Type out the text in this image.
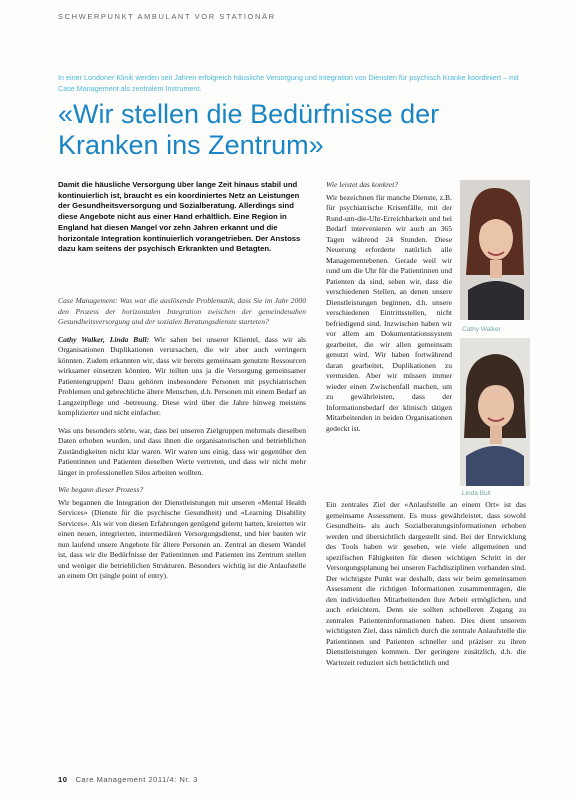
SCHWERPUNKT AMBULANT VOR STATIONÄR
In einer Londoner Klinik werden seit Jahren erfolgreich häusliche Versorgung und Integration von Diensten für psychisch Kranke koordiniert – mit Case Management als zentralem Instrument.
«Wir stellen die Bedürfnisse der Kranken ins Zentrum»
Damit die häusliche Versorgung über lange Zeit hinaus stabil und kontinuierlich ist, braucht es ein koordiniertes Netz an Leistungen der Gesundheitsversorgung und Sozialberatung. Allerdings sind diese Angebote nicht aus einer Hand erhältlich. Eine Region in England hat diesen Mangel vor zehn Jahren erkannt und die horizontale Integration kontinuierlich vorangetrieben. Der Anstoss dazu kam seitens der psychisch Erkrankten und Betagten.

Case Management: Was war die auslösende Problematik, dass Sie im Jahr 2000 den Prozess der horizontalen Integration zwischen der gemeindenahen Gesundheitsversorgung und der sozialen Beratungsdienste starteten?

Cathy Walker, Linda Bull: Wir sahen bei unserer Klientel, dass wir als Organisationen Duplikationen verursachen, die wir aber auch verringern könnten. Zudem erkannten wir, dass wir bereits gemeinsam genutzte Ressourcen wirksamer einsetzen könnten. Wir teilten uns ja die Versorgung gemeinsamer Patientengruppen! Dazu gehören insbesondere Personen mit psychiatrischen Problemen und gebrechliche ältere Menschen, d.h. Personen mit einem Bedarf an Langzeitpflege und -betreuung. Diese wird über die Jahre hinweg meistens komplizierter und nicht einfacher.

Was uns besonders störte, war, dass bei unseren Zielgruppen mehrmals dieselben Daten erhoben wurden, und dass ihnen die organisatorischen und betrieblichen Zuständigkeiten nicht klar waren. Wir waren uns einig, dass wir gegenüber den Patientinnen und Patienten dieselben Werte vertreten, und dass wir nicht mehr länger in professionellen Silos arbeiten wollten.

Wie begann dieser Prozess?

Wir begannen die Integration der Dienstleistungen mit unseren «Mental Health Services» (Dienste für die psychische Gesundheit) und «Learning Disability Services». Als wir von diesen Erfahrungen genügend gelernt hatten, kreierten wir einen neuen, integrierten, intermediären Versorgungsdienst, und hier bauten wir nun laufend unsere Angebote für ältere Personen an. Zentral an diesem Wandel ist, dass wir die Bedürfnisse der Patientinnen und Patienten ins Zentrum stellen und weniger die betrieblichen Strukturen. Besonders wichtig ist die Anlaufstelle an einem Ort (single point of entry).

Wie leistet das konkret?

Wir bezeichnen für manche Dienste, z.B. für psychiatrische Krisenfälle, mit der Rund-um-die-Uhr-Erreichbarkeit und bei Bedarf intervenieren wir auch an 365 Tagen während 24 Stunden. Diese Neuerung erforderte natürlich alle Managementebenen. Gerade weil wir rund um die Uhr für die Patientinnen und Patienten da sind, sehen wir, dass die verschiedenen Stellen, an denen unsere Dienstleistungen beginnen, d.h. unsere verschiedenen Eintrittsstellen, nicht befriedigend sind. Inzwischen haben wir vor allem am Dokumentationssystem gearbeitet, die wir allen gemeinsam genutzt wird. Wir haben fortwährend daran gearbeitet, Duplikationen zu vermeiden. Aber wir müssen immer wieder einen Zwischenfall machen, um zu gewährleisten, dass der Informationsbedarf der klinisch tätigen Mitarbeitenden in beiden Organisationen gedeckt ist.

Ein zentrales Ziel der «Anlaufstelle an einem Ort» ist das gemeinsame Assessment. Es muss gewährleistet, dass sowohl Gesundheits- als auch Sozialberatungsinformationen erhoben werden und übersichtlich dargestellt sind. Bei der Entwicklung des Tools haben wir gesehen, wie viele allgemeinen und spezifischen Fähigkeiten für diesen wichtigen Schritt in der Versorgungsplanung bei unseren Fachdisziplinen vorhanden sind. Der wichtigste Punkt war deshalb, dass wir beim gemeinsamen Assessment die richtigen Informationen zusammentragen, die den individuellen Mitarbeitenden ihre Arbeit ermöglichen, und auch erleichtern. Denn sie sollten schnelleren Zugang zu zentralen Patienteninformationen haben. Dies dient unserem wichtigsten Ziel, dass nämlich durch die zentrale Anlaufstelle die Patientinnen und Patienten schneller und präziser zu ihren Dienstleistungen kommen. Der geringere zusätzlich, d.h. die Wartezeit reduziert sich beträchtlich und

Cathy Walker
Linda Bull
10 Care Management 2011/4: Nr. 3
